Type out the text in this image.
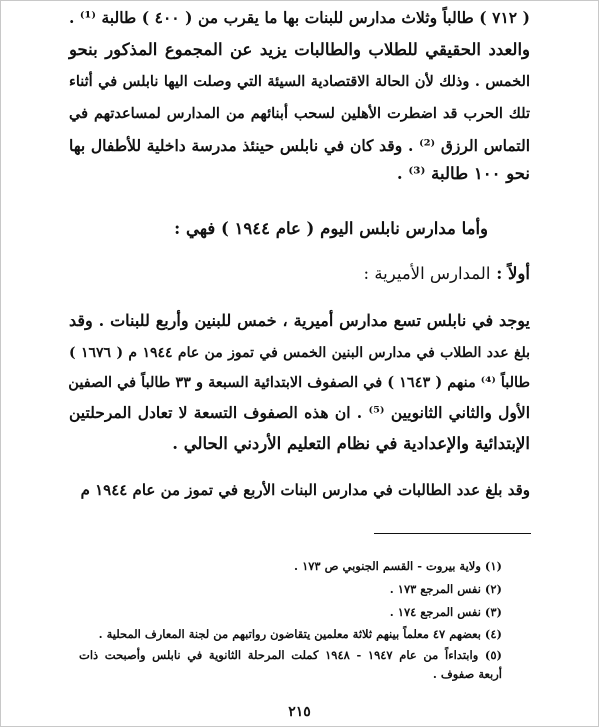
( ٧١٢ ) طالباً وثلاث مدارس للبنات بها ما يقرب من ( ٤٠٠ ) طالبة ⁽¹⁾ .
والعدد الحقيقي للطلاب والطالبات يزيد عن المجموع المذكور بنحو
الخمس . وذلك لأن الحالة الاقتصادية السيئة التي وصلت اليها نابلس في أثناء
تلك الحرب قد اضطرت الأهلين لسحب أبنائهم من المدارس لمساعدتهم في
التماس الرزق ⁽²⁾ . وقد كان في نابلس حينئذ مدرسة داخلية للأطفال بها
نحو ١٠٠ طالبة ⁽³⁾ .
وأما مدارس نابلس اليوم ( عام ١٩٤٤ ) فهي :
أولاً : المدارس الأميرية :
يوجد في نابلس تسع مدارس أميرية ، خمس للبنين وأربع للبنات . وقد
بلغ عدد الطلاب في مدارس البنين الخمس في تموز من عام ١٩٤٤ م ( ١٦٧٦ )
طالباً ⁽⁴⁾ منهم ( ١٦٤٣ ) في الصفوف الابتدائية السبعة و ٣٣ طالباً في الصفين
الأول والثاني الثانويين ⁽⁵⁾ . ان هذه الصفوف التسعة لا تعادل المرحلتين
الإبتدائية والإعدادية في نظام التعليم الأردني الحالي .
وقد بلغ عدد الطالبات في مدارس البنات الأربع في تموز من عام ١٩٤٤ م
(١) ولاية بيروت - القسم الجنوبي ص ١٧٣ .
(٢) نفس المرجع ١٧٣ .
(٣) نفس المرجع ١٧٤ .
(٤) بعضهم ٤٧ معلماً بينهم ثلاثة معلمين يتقاضون رواتبهم من لجنة المعارف المحلية .
(٥) وابتداءاً من عام ١٩٤٧ - ١٩٤٨ كملت المرحلة الثانوية في نابلس وأصبحت ذات
أربعة صفوف .
٢١٥
